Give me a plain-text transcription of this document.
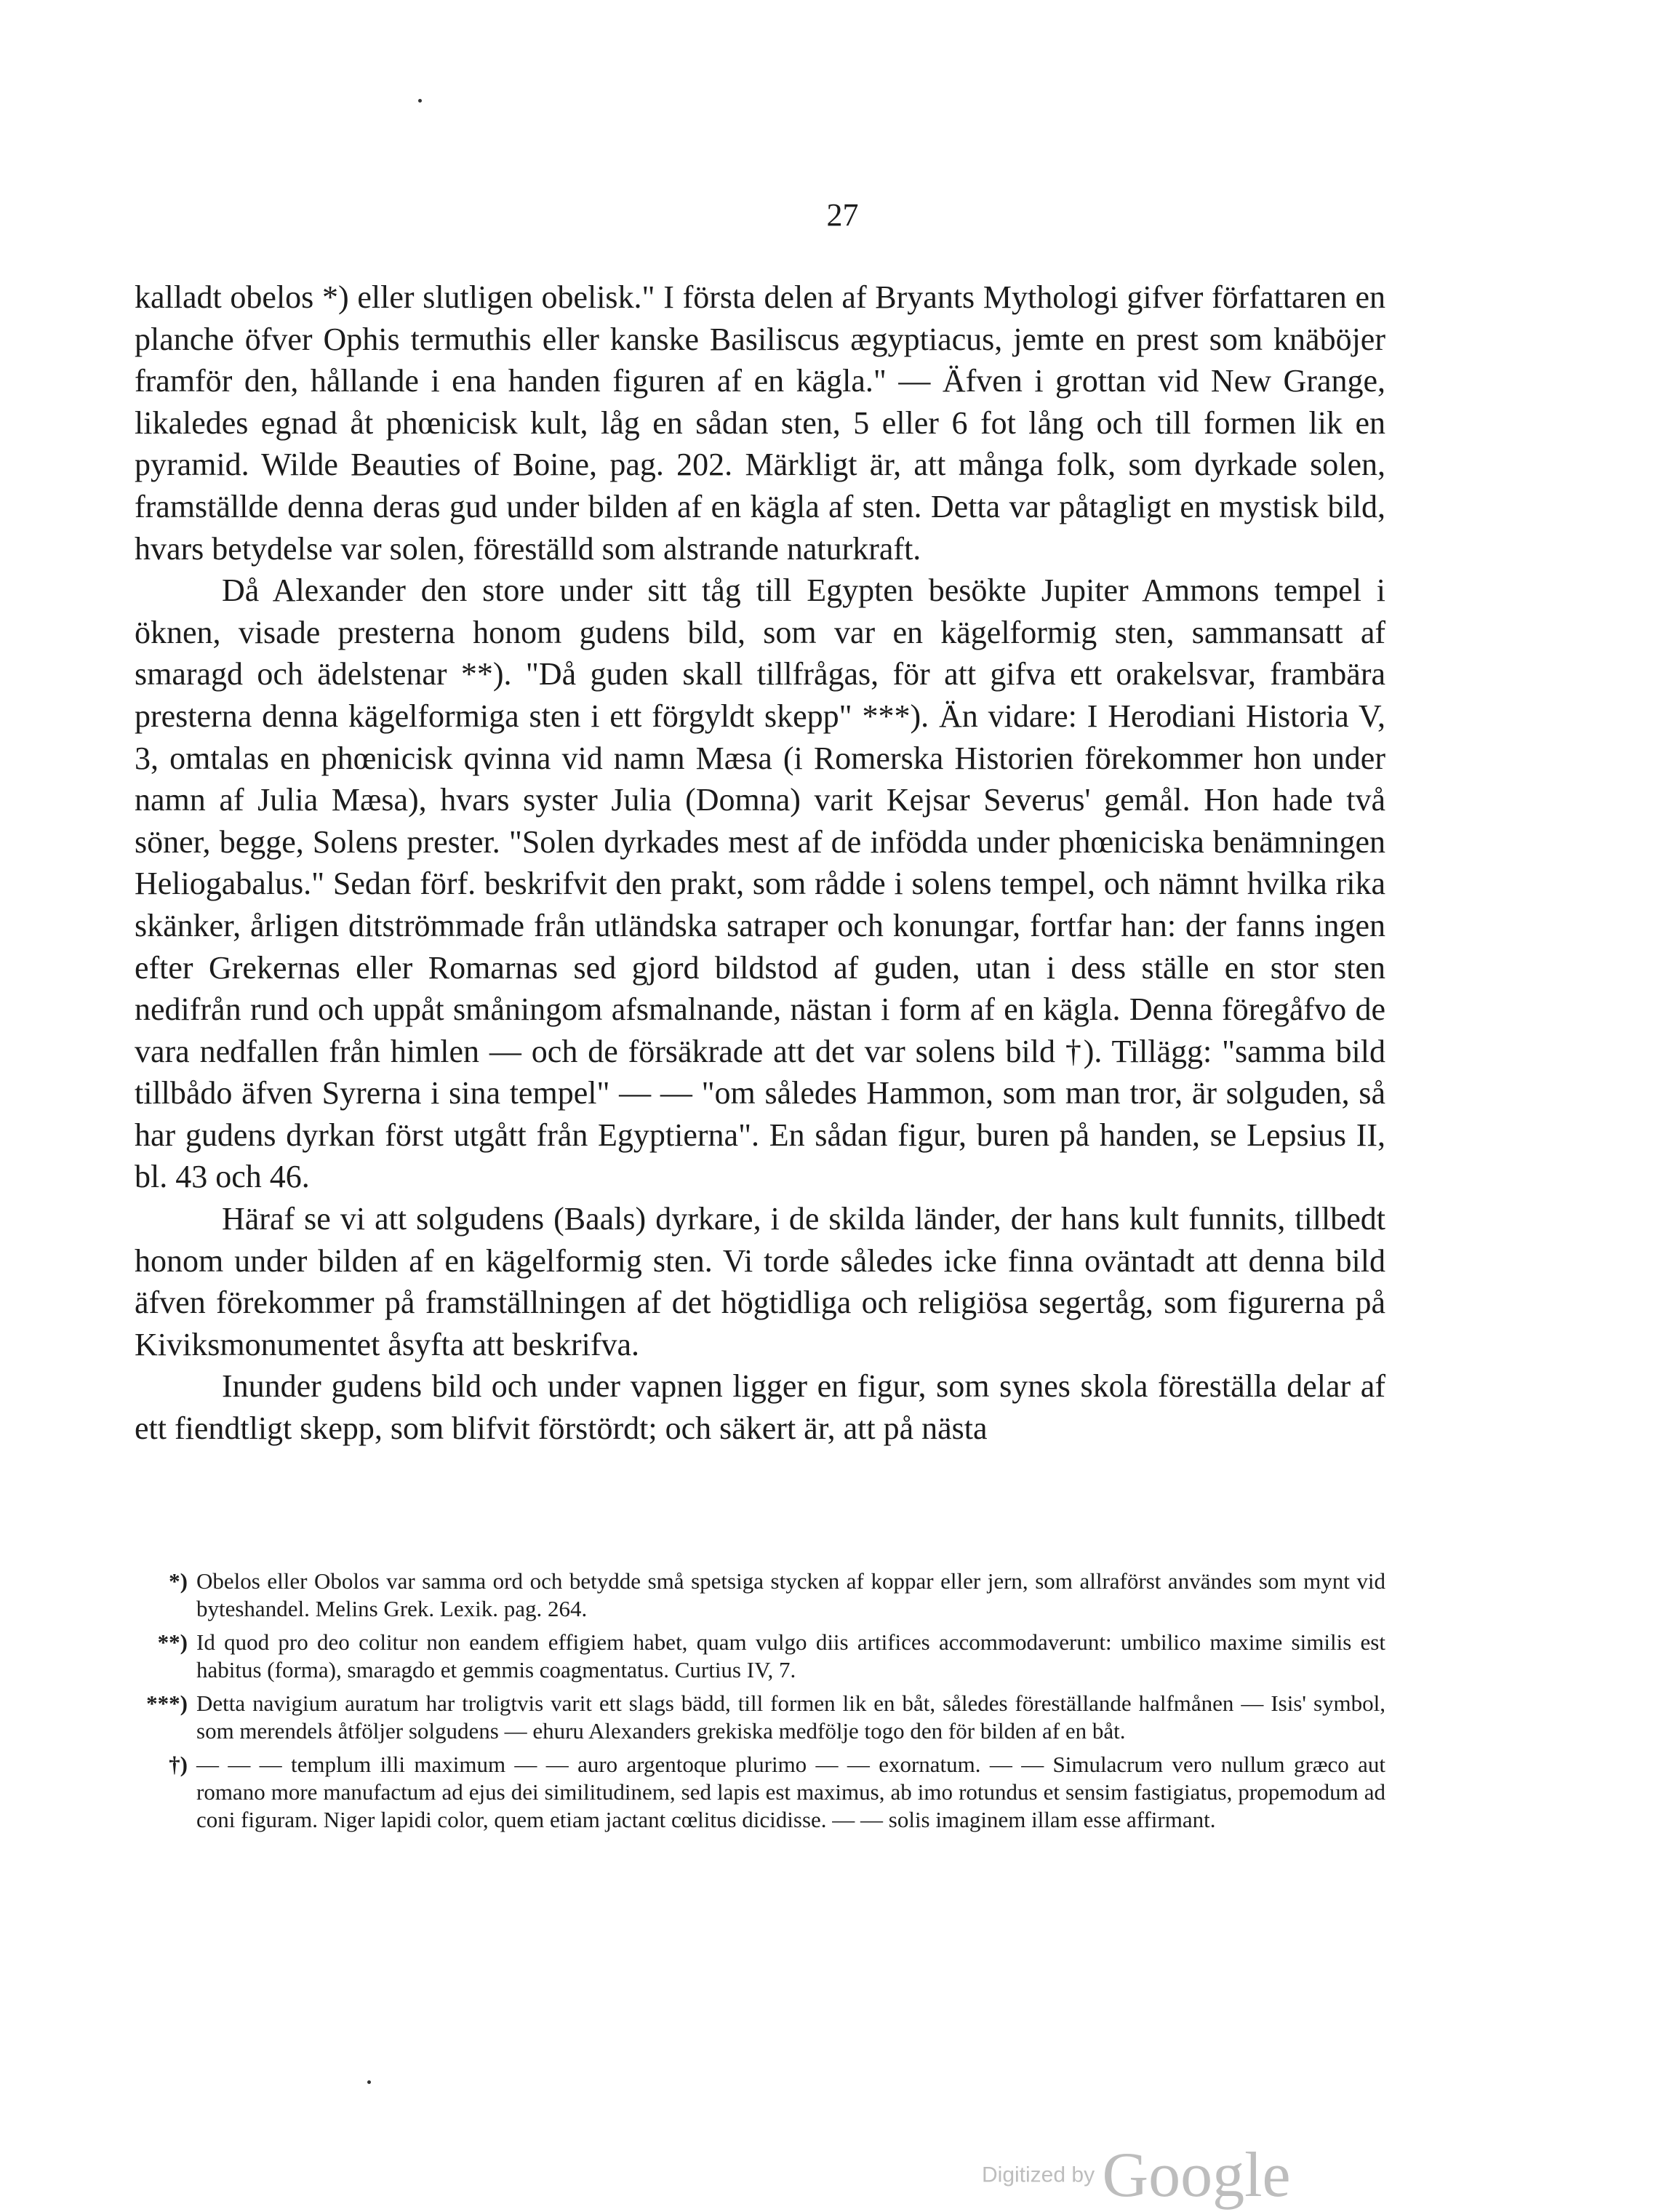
27

kalladt obelos *) eller slutligen obelisk." I första delen af Bryants Mythologi gifver författaren en planche öfver Ophis termuthis eller kanske Basiliscus ægyptiacus, jemte en prest som knäböjer framför den, hållande i ena handen figuren af en kägla." — Äfven i grottan vid New Grange, likaledes egnad åt phœnicisk kult, låg en sådan sten, 5 eller 6 fot lång och till formen lik en pyramid. Wilde Beauties of Boine, pag. 202. Märkligt är, att många folk, som dyrkade solen, framställde denna deras gud under bilden af en kägla af sten. Detta var påtagligt en mystisk bild, hvars betydelse var solen, föreställd som alstrande naturkraft.

Då Alexander den store under sitt tåg till Egypten besökte Jupiter Ammons tempel i öknen, visade presterna honom gudens bild, som var en kägelformig sten, sammansatt af smaragd och ädelstenar **). "Då guden skall tillfrågas, för att gifva ett orakelsvar, frambära presterna denna kägelformiga sten i ett förgyldt skepp" ***). Än vidare: I Herodiani Historia V, 3, omtalas en phœnicisk qvinna vid namn Mæsa (i Romerska Historien förekommer hon under namn af Julia Mæsa), hvars syster Julia (Domna) varit Kejsar Severus' gemål. Hon hade två söner, begge, Solens prester. "Solen dyrkades mest af de infödda under phœniciska benämningen Heliogabalus." Sedan förf. beskrifvit den prakt, som rådde i solens tempel, och nämnt hvilka rika skänker, årligen ditströmmade från utländska satraper och konungar, fortfar han: der fanns ingen efter Grekernas eller Romarnas sed gjord bildstod af guden, utan i dess ställe en stor sten nedifrån rund och uppåt småningom afsmalnande, nästan i form af en kägla. Denna föregåfvo de vara nedfallen från himlen — och de försäkrade att det var solens bild †). Tillägg: "samma bild tillbådo äfven Syrerna i sina tempel" — — "om således Hammon, som man tror, är solguden, så har gudens dyrkan först utgått från Egyptierna". En sådan figur, buren på handen, se Lepsius II, bl. 43 och 46.

Häraf se vi att solgudens (Baals) dyrkare, i de skilda länder, der hans kult funnits, tillbedt honom under bilden af en kägelformig sten. Vi torde således icke finna oväntadt att denna bild äfven förekommer på framställningen af det högtidliga och religiösa segertåg, som figurerna på Kiviksmonumentet åsyfta att beskrifva.

Inunder gudens bild och under vapnen ligger en figur, som synes skola föreställa delar af ett fiendtligt skepp, som blifvit förstördt; och säkert är, att på nästa

*) Obelos eller Obolos var samma ord och betydde små spetsiga stycken af koppar eller jern, som allraförst användes som mynt vid byteshandel. Melins Grek. Lexik. pag. 264.
**) Id quod pro deo colitur non eandem effigiem habet, quam vulgo diis artifices accommodaverunt: umbilico maxime similis est habitus (forma), smaragdo et gemmis coagmentatus. Curtius IV, 7.
***) Detta navigium auratum har troligtvis varit ett slags bädd, till formen lik en båt, således föreställande halfmånen — Isis' symbol, som merendels åtföljer solgudens — ehuru Alexanders grekiska medfölje togo den för bilden af en båt.
†) — — — templum illi maximum — — auro argentoque plurimo — — exornatum. — — Simulacrum vero nullum græco aut romano more manufactum ad ejus dei similitudinem, sed lapis est maximus, ab imo rotundus et sensim fastigiatus, propemodum ad coni figuram. Niger lapidi color, quem etiam jactant cœlitus dicidisse. — — solis imaginem illam esse affirmant.
Digitized by Google
